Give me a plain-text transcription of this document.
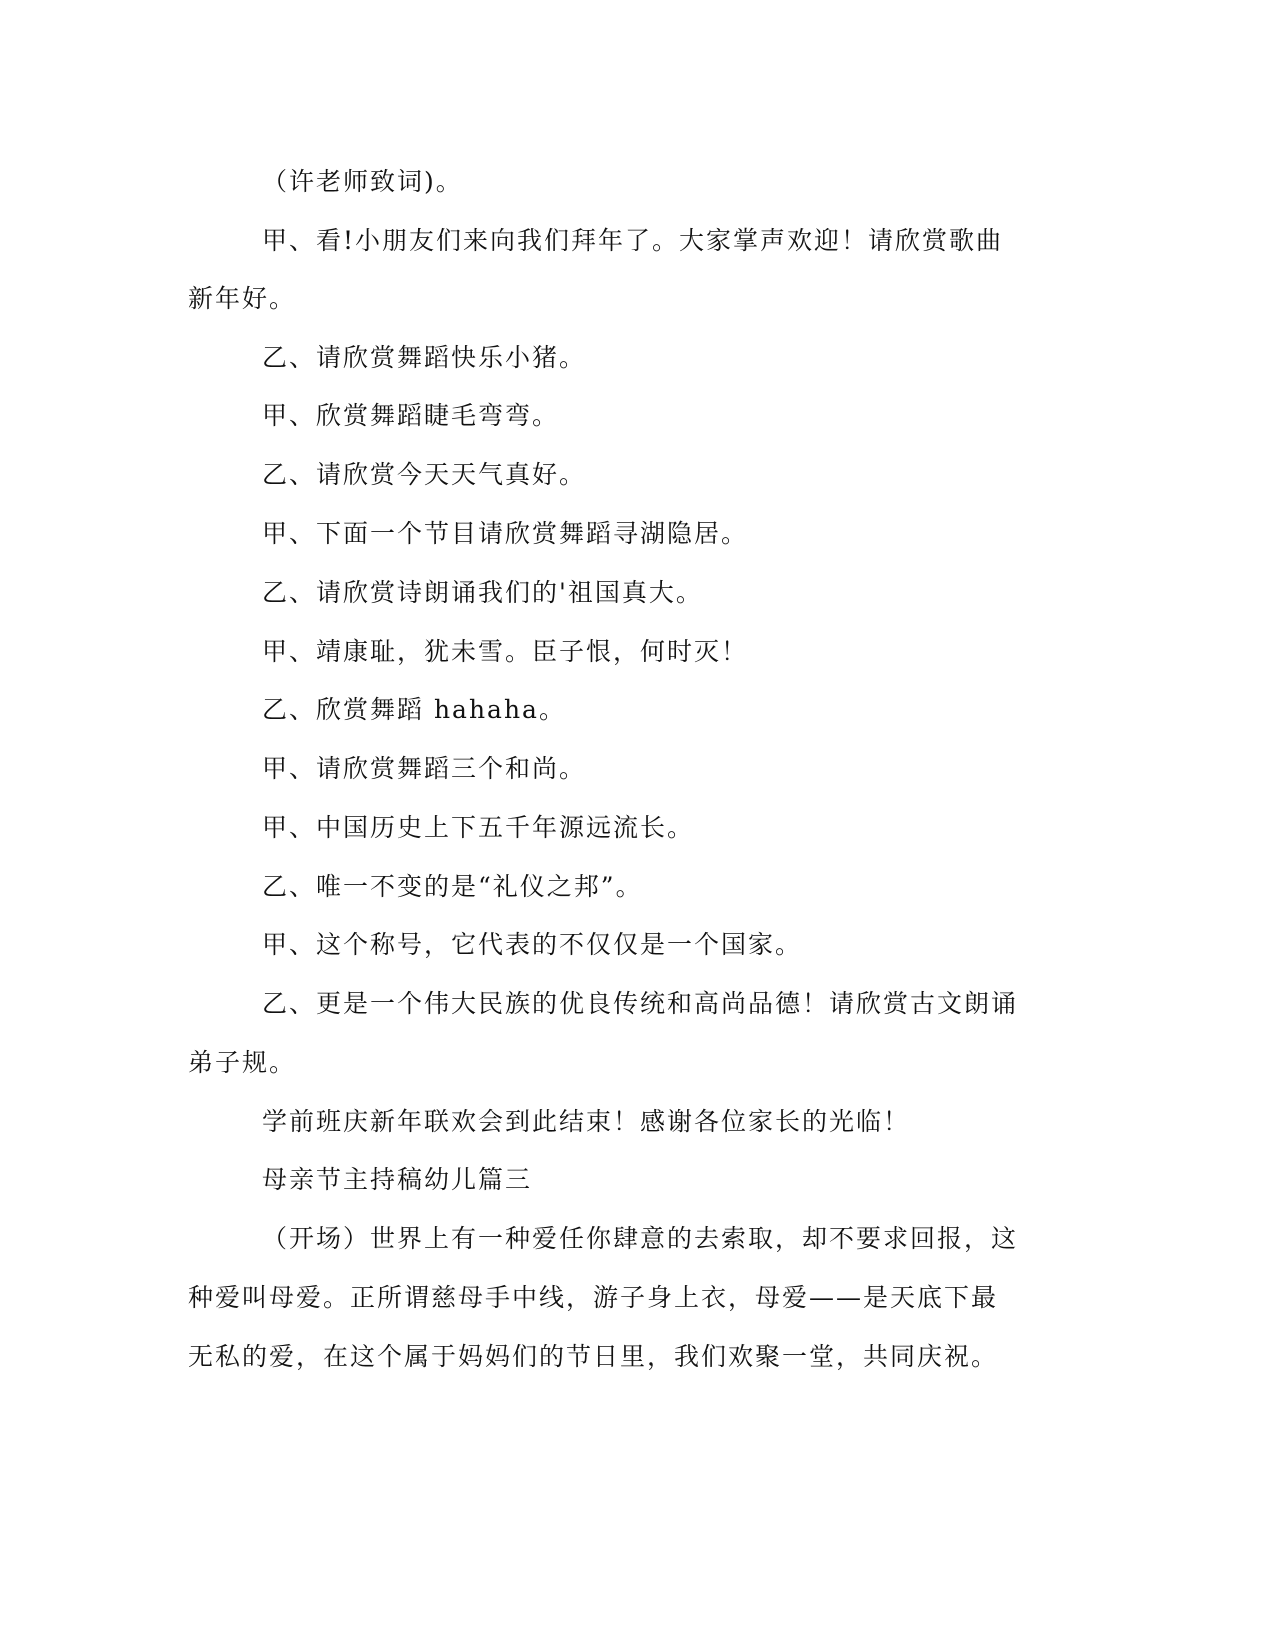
（许老师致词)。
甲、看!小朋友们来向我们拜年了。大家掌声欢迎！请欣赏歌曲
新年好。
乙、请欣赏舞蹈快乐小猪。
甲、欣赏舞蹈睫毛弯弯。
乙、请欣赏今天天气真好。
甲、下面一个节目请欣赏舞蹈寻湖隐居。
乙、请欣赏诗朗诵我们的'祖国真大。
甲、靖康耻，犹未雪。臣子恨，何时灭！
乙、欣赏舞蹈 hahaha。
甲、请欣赏舞蹈三个和尚。
甲、中国历史上下五千年源远流长。
乙、唯一不变的是“礼仪之邦”。
甲、这个称号，它代表的不仅仅是一个国家。
乙、更是一个伟大民族的优良传统和高尚品德！请欣赏古文朗诵
弟子规。
学前班庆新年联欢会到此结束！感谢各位家长的光临！
母亲节主持稿幼儿篇三
（开场）世界上有一种爱任你肆意的去索取，却不要求回报，这
种爱叫母爱。正所谓慈母手中线，游子身上衣，母爱——是天底下最
无私的爱，在这个属于妈妈们的节日里，我们欢聚一堂，共同庆祝。
